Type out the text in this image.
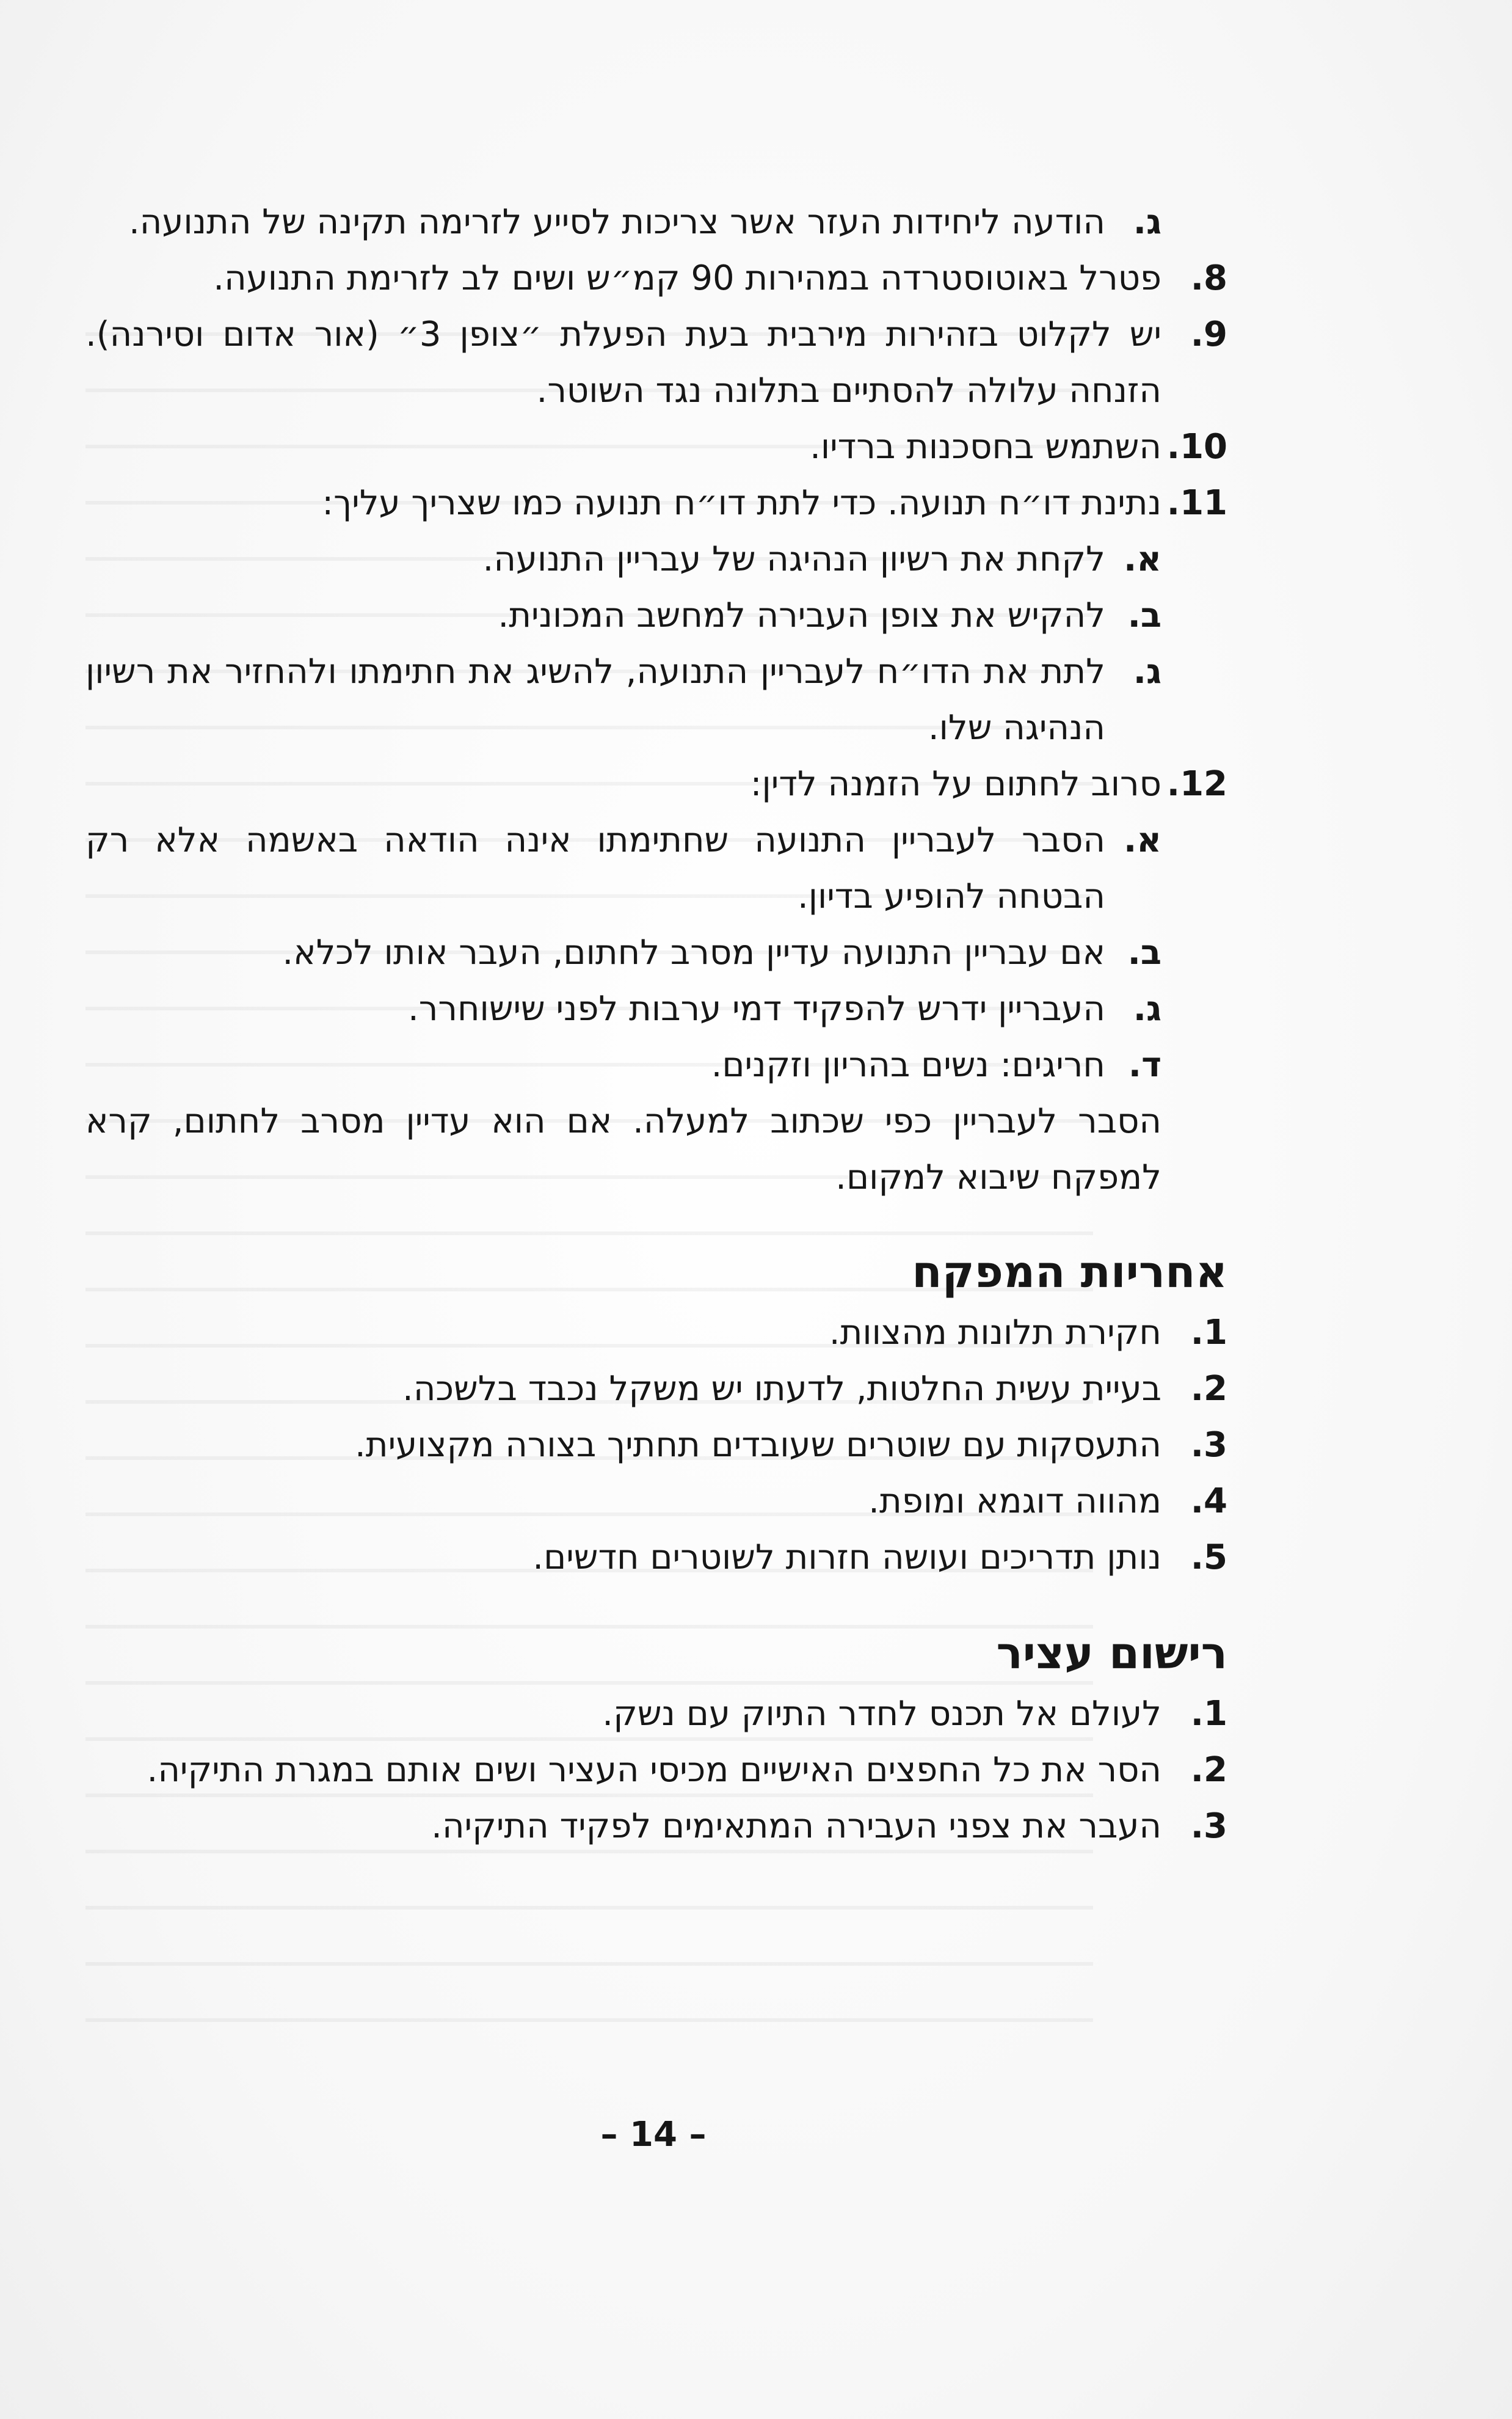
ג.
הודעה ליחידות העזר אשר צריכות לסייע לזרימה תקינה של התנועה.
8.
פטרל באוטוסטרדה במהירות 90 קמ״ש ושים לב לזרימת התנועה.
9.
יש לקלוט בזהירות מירבית בעת הפעלת ״צופן 3״ (אור אדום וסירנה). הזנחה עלולה להסתיים בתלונה נגד השוטר.
10.
השתמש בחסכנות ברדיו.
11.
נתינת דו״ח תנועה. כדי לתת דו״ח תנועה כמו שצריך עליך:
א.
לקחת את רשיון הנהיגה של עבריין התנועה.
ב.
להקיש את צופן העבירה למחשב המכונית.
ג.
לתת את הדו״ח לעבריין התנועה, להשיג את חתימתו ולהחזיר את רשיון הנהיגה שלו.
12.
סרוב לחתום על הזמנה לדין:
א.
הסבר לעבריין התנועה שחתימתו אינה הודאה באשמה אלא רק הבטחה להופיע בדיון.
ב.
אם עבריין התנועה עדיין מסרב לחתום, העבר אותו לכלא.
ג.
העבריין ידרש להפקיד דמי ערבות לפני שישוחרר.
ד.
חריגים: נשים בהריון וזקנים.
הסבר לעבריין כפי שכתוב למעלה. אם הוא עדיין מסרב לחתום, קרא למפקח שיבוא למקום.
אחריות המפקח
1.
חקירת תלונות מהצוות.
2.
בעיית עשית החלטות, לדעתו יש משקל נכבד בלשכה.
3.
התעסקות עם שוטרים שעובדים תחתיך בצורה מקצועית.
4.
מהווה דוגמא ומופת.
5.
נותן תדריכים ועושה חזרות לשוטרים חדשים.
רישום עציר
1.
לעולם אל תכנס לחדר התיוק עם נשק.
2.
הסר את כל החפצים האישיים מכיסי העציר ושים אותם במגרת התיקיה.
3.
העבר את צפני העבירה המתאימים לפקיד התיקיה.
– 14 –
